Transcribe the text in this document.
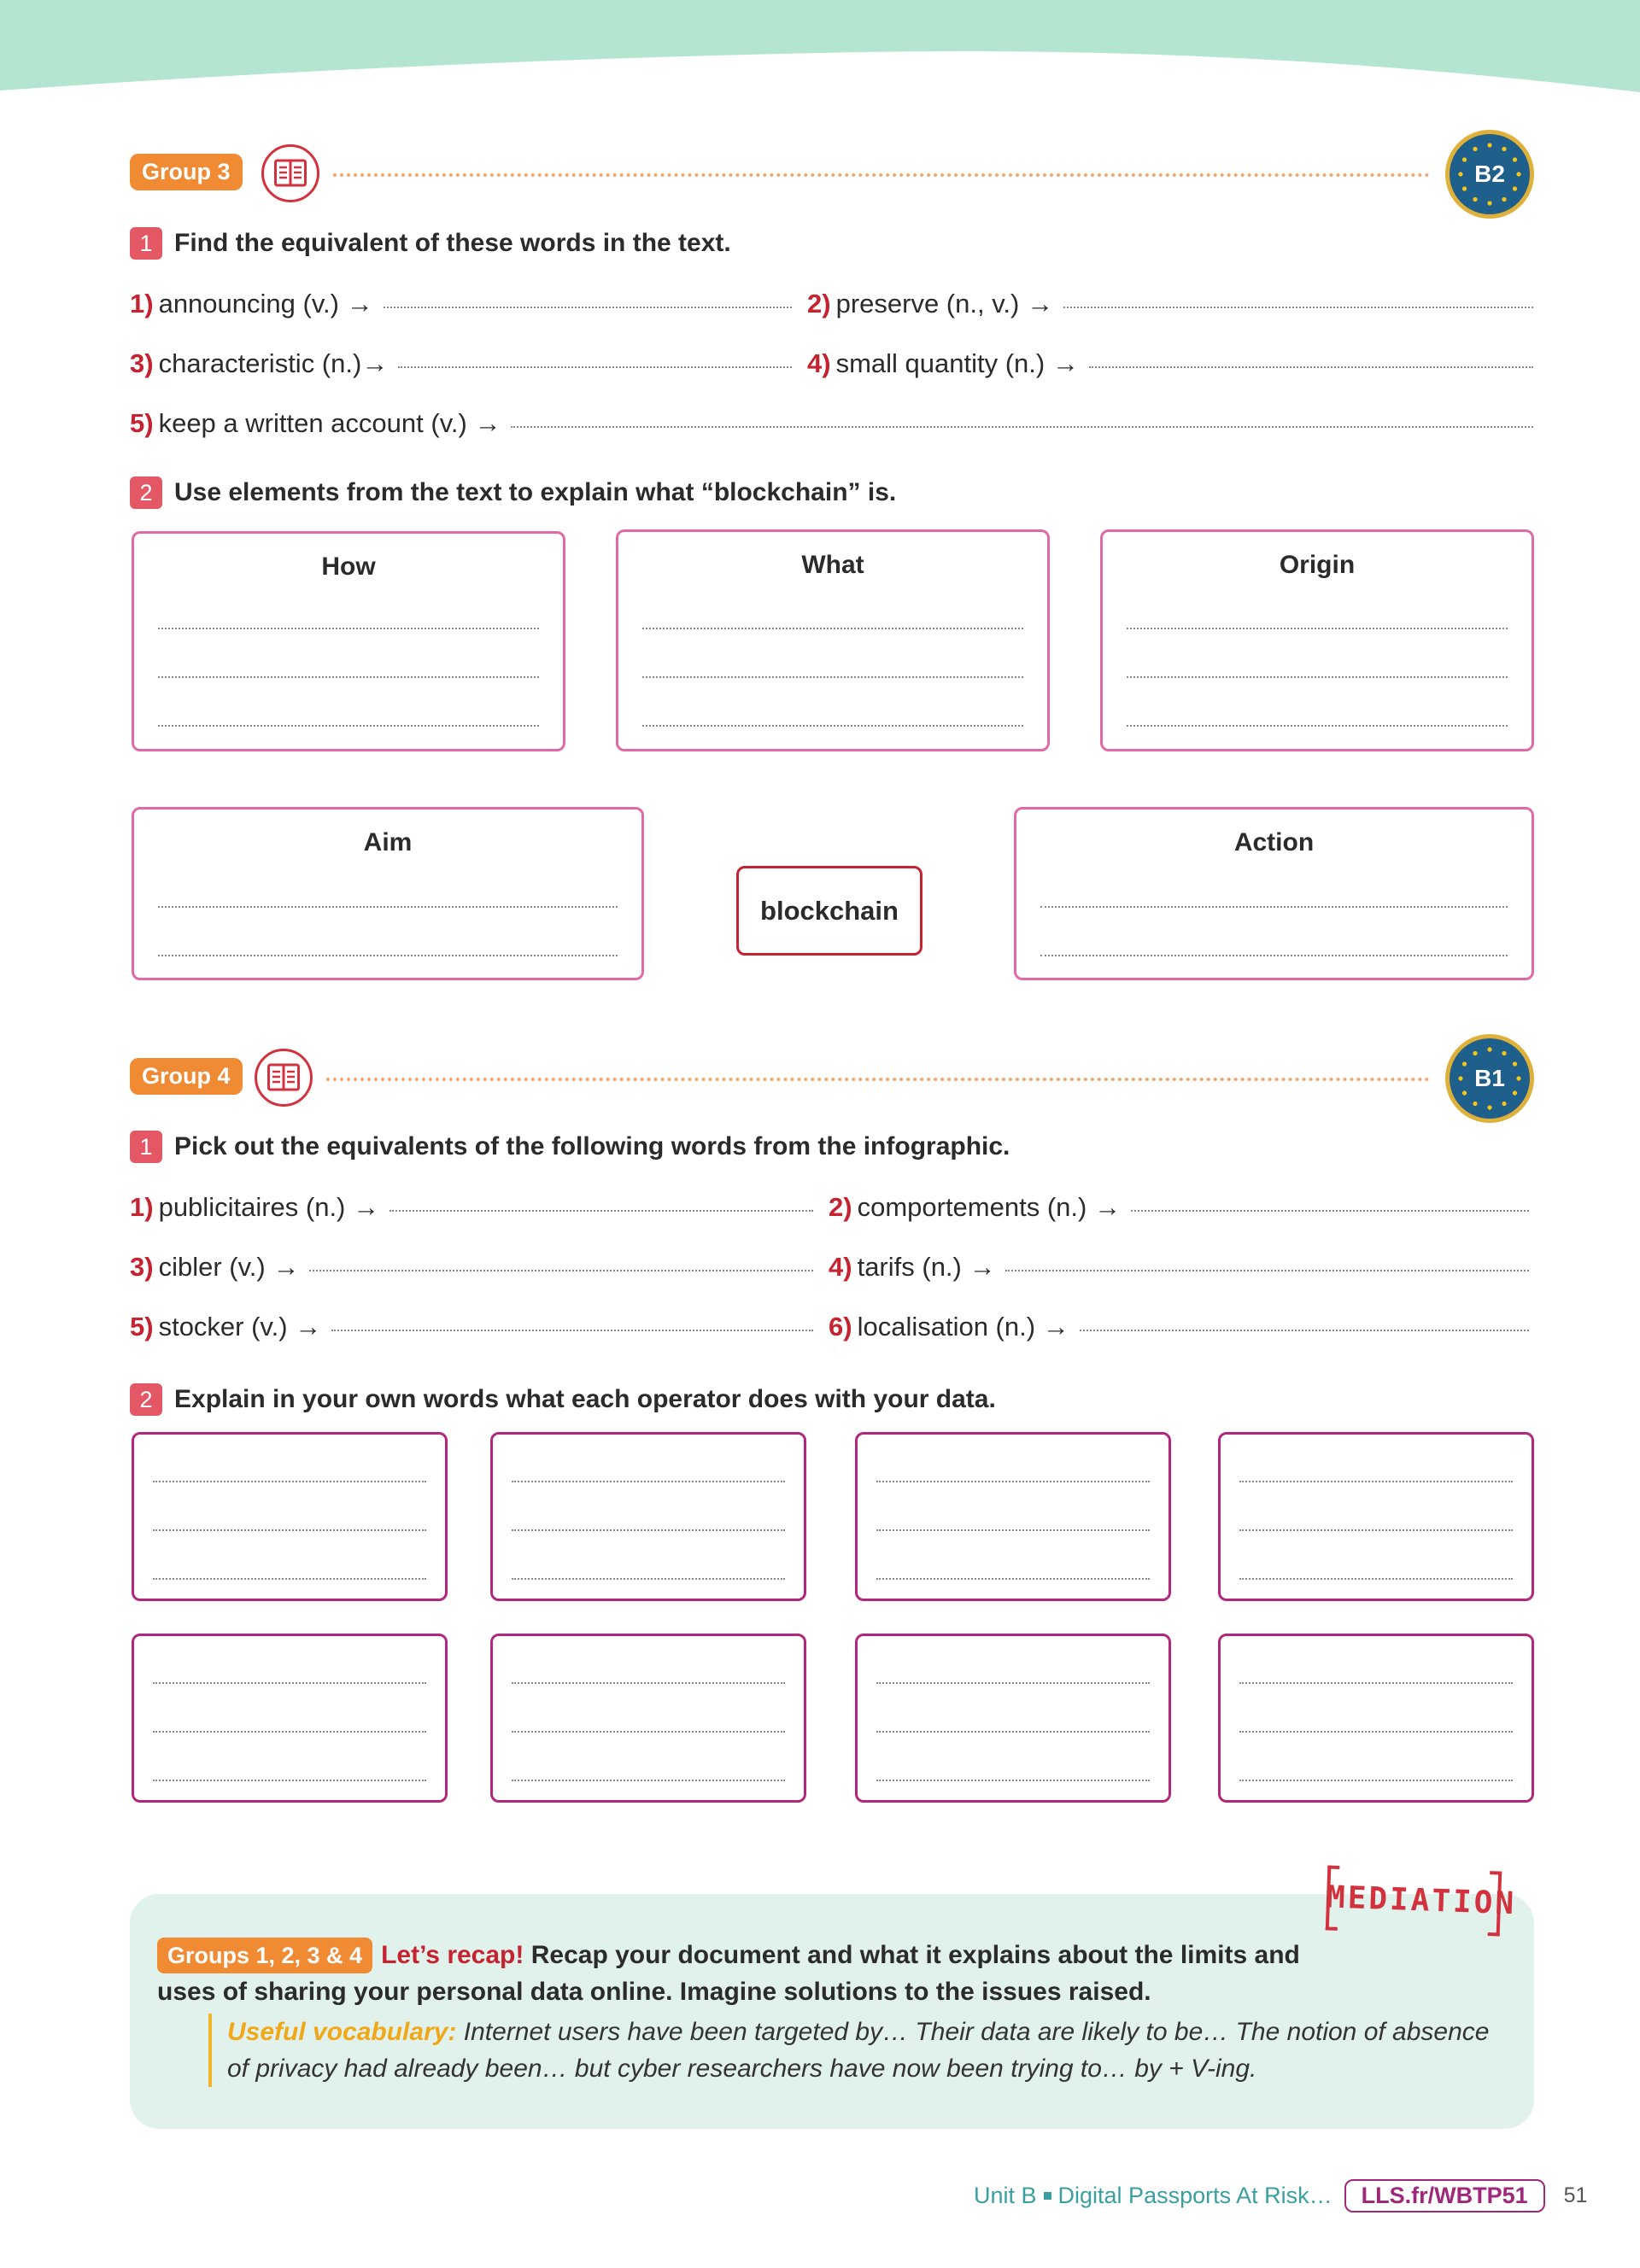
Group 3	B2
1 Find the equivalent of these words in the text.
1) announcing (v.) →	2) preserve (n., v.) →
3) characteristic (n.)→	4) small quantity (n.) →
5) keep a written account (v.) →
2 Use elements from the text to explain what “blockchain” is.
How	What	Origin
Aim
blockchain
Action
Group 4	B1
1 Pick out the equivalents of the following words from the infographic.
1) publicitaires (n.) →	2) comportements (n.) →
3) cibler (v.) →	4) tarifs (n.) →
5) stocker (v.) →	6) localisation (n.) →
2 Explain in your own words what each operator does with your data.
Groups 1, 2, 3 & 4 Let’s recap! Recap your document and what it explains about the limits and uses of sharing your personal data online. Imagine solutions to the issues raised.
Useful vocabulary: Internet users have been targeted by… Their data are likely to be… The notion of absence of privacy had already been… but cyber researchers have now been trying to… by + V-ing.
MEDIATION
Unit B Digital Passports At Risk…	LLS.fr/WBTP51	51
